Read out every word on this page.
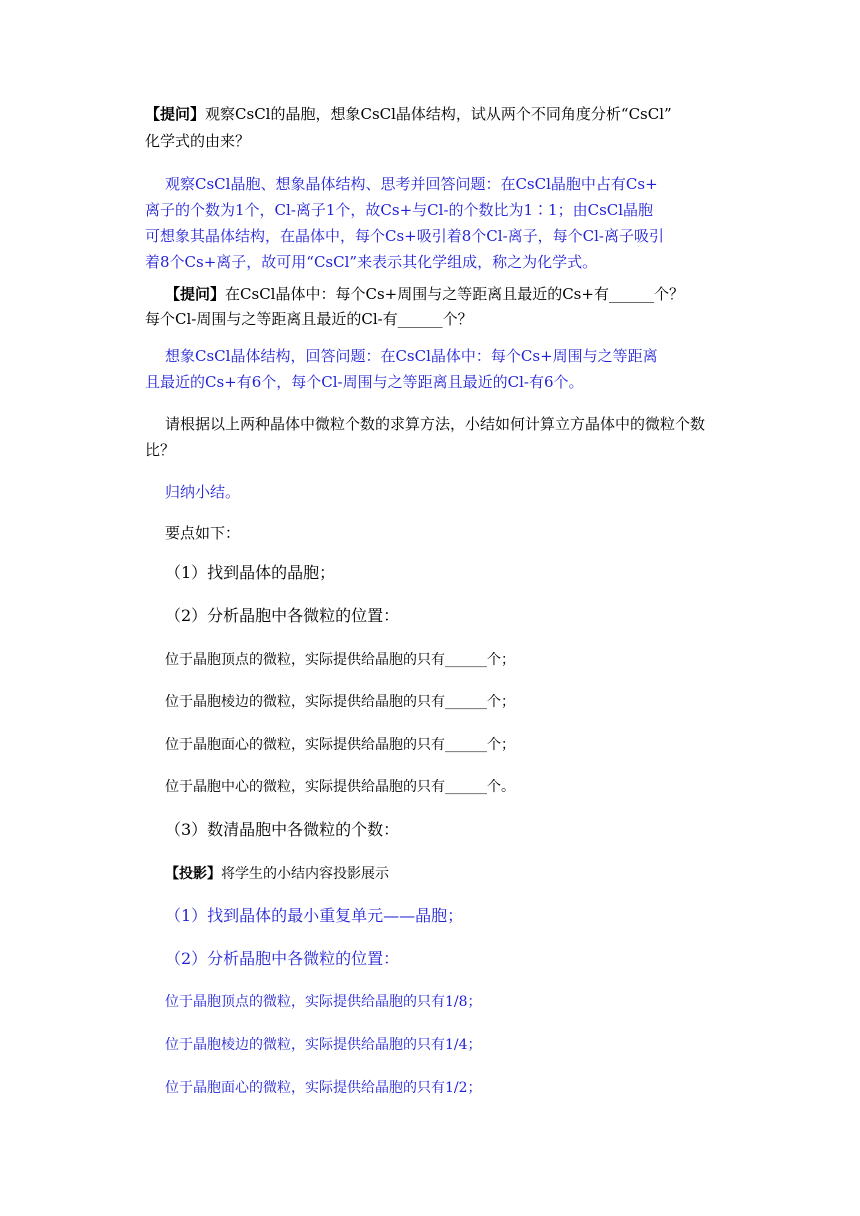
【提问】观察CsCl的晶胞，想象CsCl晶体结构，试从两个不同角度分析“CsCl”
化学式的由来？
观察CsCl晶胞、想象晶体结构、思考并回答问题：在CsCl晶胞中占有Cs+
离子的个数为1个，Cl-离子1个，故Cs+与Cl-的个数比为1∶1；由CsCl晶胞
可想象其晶体结构，在晶体中，每个Cs+吸引着8个Cl-离子，每个Cl-离子吸引
着8个Cs+离子，故可用“CsCl”来表示其化学组成，称之为化学式。
【提问】在CsCl晶体中：每个Cs+周围与之等距离且最近的Cs+有______个？
每个Cl-周围与之等距离且最近的Cl-有______个？
想象CsCl晶体结构，回答问题：在CsCl晶体中：每个Cs+周围与之等距离
且最近的Cs+有6个，每个Cl-周围与之等距离且最近的Cl-有6个。
请根据以上两种晶体中微粒个数的求算方法，小结如何计算立方晶体中的微粒个数
比？
归纳小结。
要点如下：
（1）找到晶体的晶胞；
（2）分析晶胞中各微粒的位置：
位于晶胞顶点的微粒，实际提供给晶胞的只有______个；
位于晶胞棱边的微粒，实际提供给晶胞的只有______个；
位于晶胞面心的微粒，实际提供给晶胞的只有______个；
位于晶胞中心的微粒，实际提供给晶胞的只有______个。
（3）数清晶胞中各微粒的个数：
【投影】将学生的小结内容投影展示
（1）找到晶体的最小重复单元——晶胞；
（2）分析晶胞中各微粒的位置：
位于晶胞顶点的微粒，实际提供给晶胞的只有1/8；
位于晶胞棱边的微粒，实际提供给晶胞的只有1/4；
位于晶胞面心的微粒，实际提供给晶胞的只有1/2；
